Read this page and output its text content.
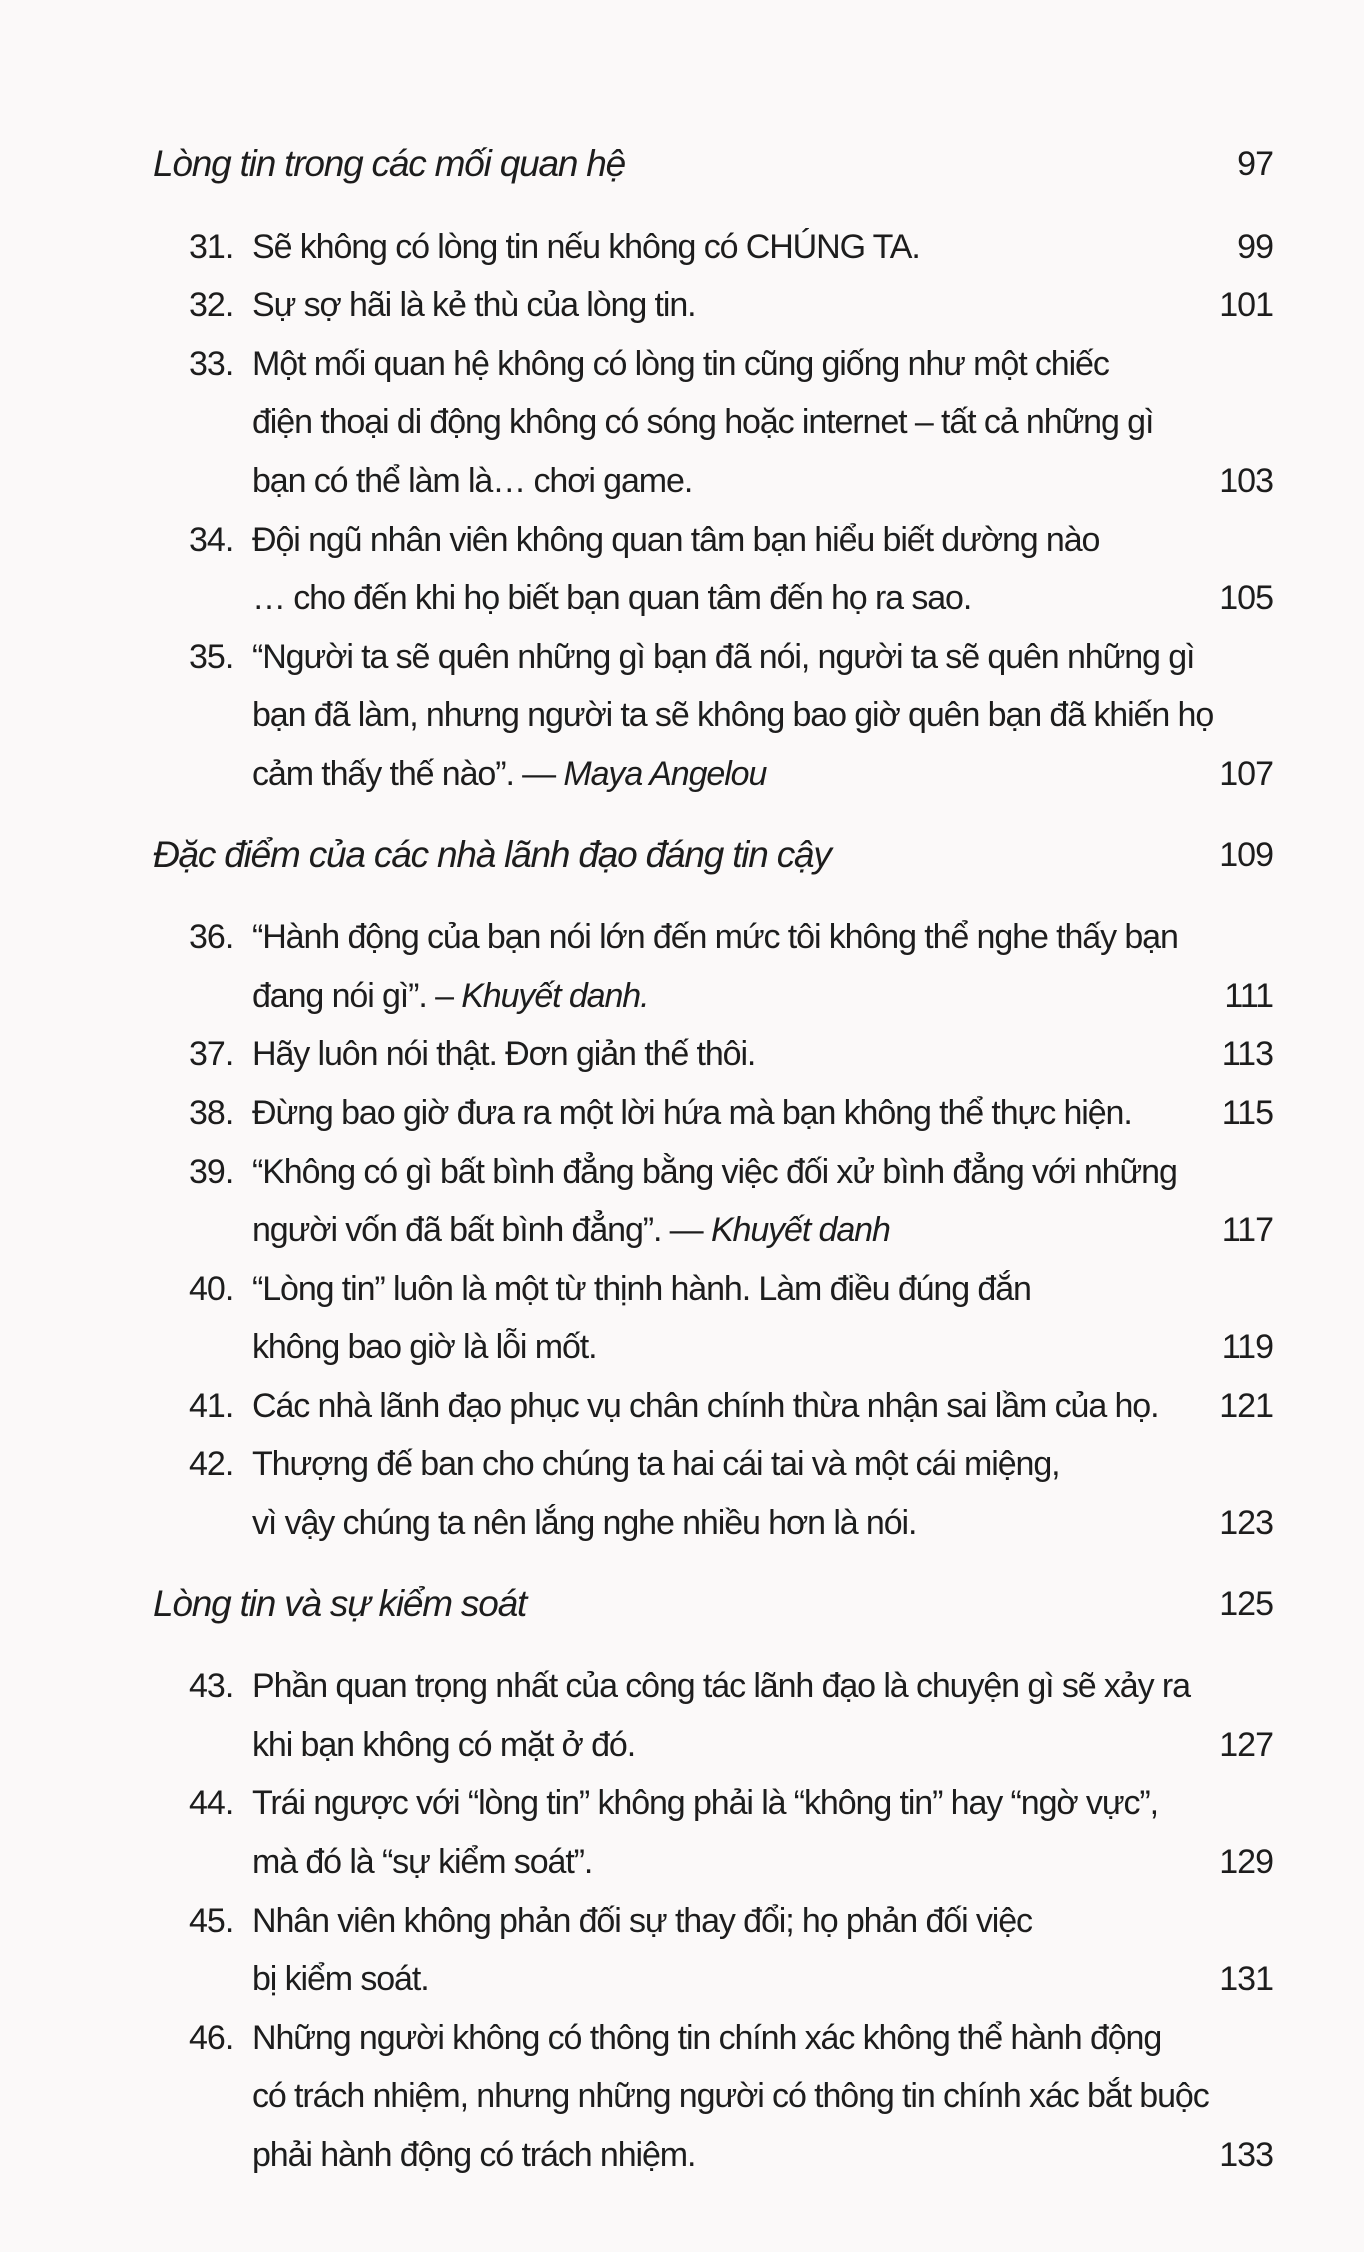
Lòng tin trong các mối quan hệ	97
31. Sẽ không có lòng tin nếu không có CHÚNG TA.	99
32. Sự sợ hãi là kẻ thù của lòng tin.	101
33. Một mối quan hệ không có lòng tin cũng giống như một chiếc
điện thoại di động không có sóng hoặc internet – tất cả những gì
bạn có thể làm là… chơi game.	103
34. Đội ngũ nhân viên không quan tâm bạn hiểu biết dường nào
… cho đến khi họ biết bạn quan tâm đến họ ra sao.	105
35. “Người ta sẽ quên những gì bạn đã nói, người ta sẽ quên những gì
bạn đã làm, nhưng người ta sẽ không bao giờ quên bạn đã khiến họ
cảm thấy thế nào”. — Maya Angelou	107
Đặc điểm của các nhà lãnh đạo đáng tin cậy	109
36. “Hành động của bạn nói lớn đến mức tôi không thể nghe thấy bạn
đang nói gì”. – Khuyết danh.	111
37. Hãy luôn nói thật. Đơn giản thế thôi.	113
38. Đừng bao giờ đưa ra một lời hứa mà bạn không thể thực hiện.	115
39. “Không có gì bất bình đẳng bằng việc đối xử bình đẳng với những
người vốn đã bất bình đẳng”. — Khuyết danh	117
40. “Lòng tin” luôn là một từ thịnh hành. Làm điều đúng đắn
không bao giờ là lỗi mốt.	119
41. Các nhà lãnh đạo phục vụ chân chính thừa nhận sai lầm của họ. 121
42. Thượng đế ban cho chúng ta hai cái tai và một cái miệng,
vì vậy chúng ta nên lắng nghe nhiều hơn là nói.	123
Lòng tin và sự kiểm soát	125
43. Phần quan trọng nhất của công tác lãnh đạo là chuyện gì sẽ xảy ra
khi bạn không có mặt ở đó.	127
44. Trái ngược với “lòng tin” không phải là “không tin” hay “ngờ vực”,
mà đó là “sự kiểm soát”.	129
45. Nhân viên không phản đối sự thay đổi; họ phản đối việc
bị kiểm soát.	131
46. Những người không có thông tin chính xác không thể hành động
có trách nhiệm, nhưng những người có thông tin chính xác bắt buộc
phải hành động có trách nhiệm.	133
